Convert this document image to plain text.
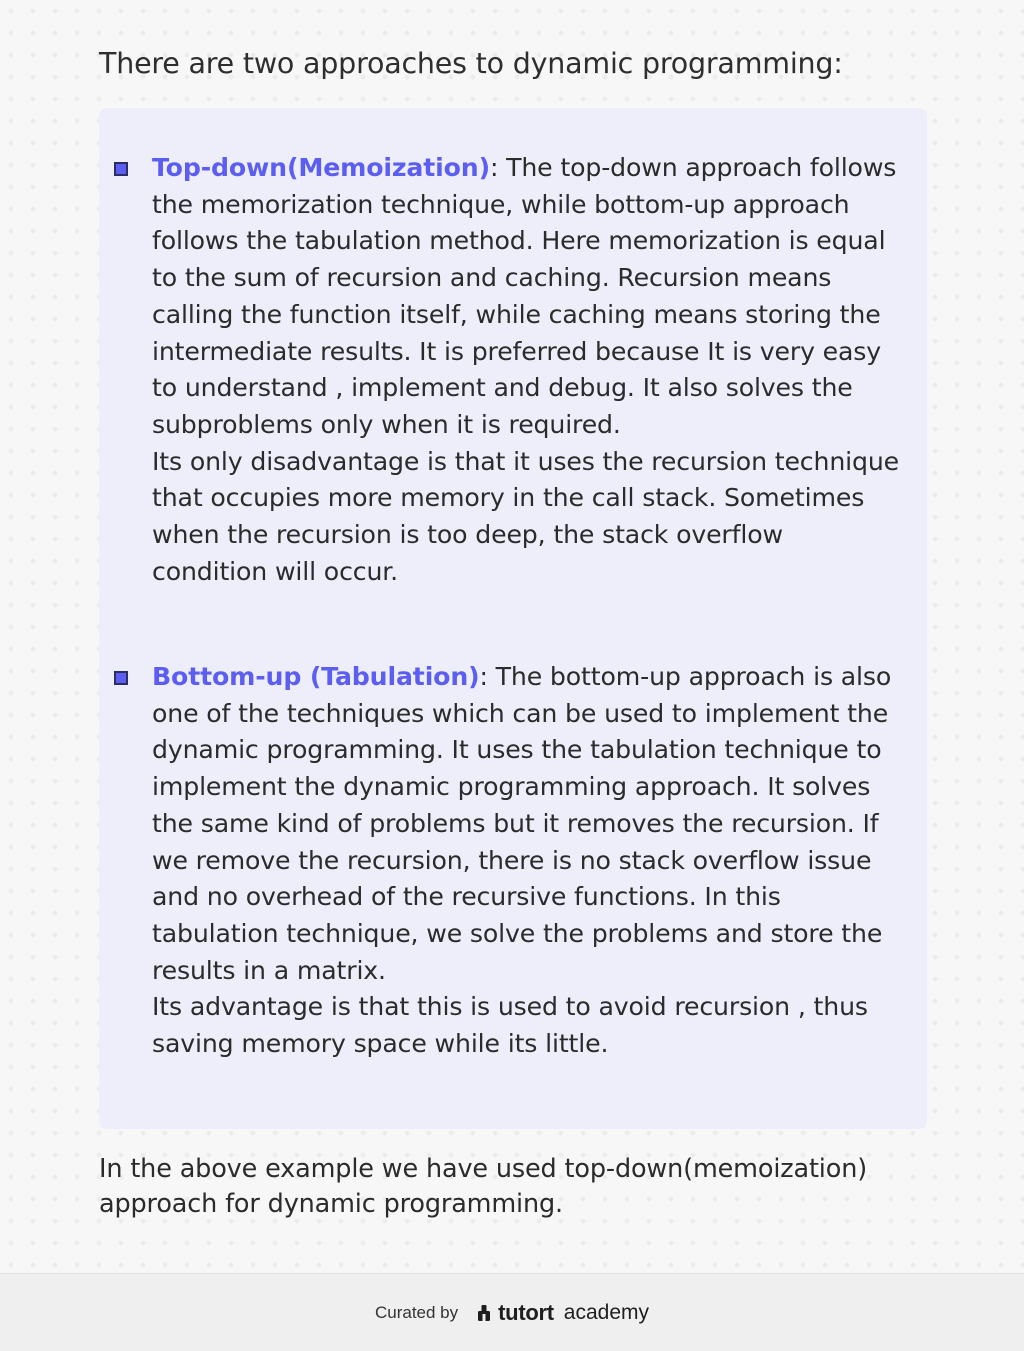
There are two approaches to dynamic programming:

Top-down(Memoization): The top-down approach follows the memorization technique, while bottom-up approach follows the tabulation method. Here memorization is equal to the sum of recursion and caching. Recursion means calling the function itself, while caching means storing the intermediate results. It is preferred because It is very easy to understand , implement and debug. It also solves the subproblems only when it is required.

Its only disadvantage is that it uses the recursion technique that occupies more memory in the call stack. Sometimes when the recursion is too deep, the stack overflow condition will occur.

Bottom-up (Tabulation): The bottom-up approach is also one of the techniques which can be used to implement the dynamic programming. It uses the tabulation technique to implement the dynamic programming approach. It solves the same kind of problems but it removes the recursion. If we remove the recursion, there is no stack overflow issue and no overhead of the recursive functions. In this tabulation technique, we solve the problems and store the results in a matrix.

Its advantage is that this is used to avoid recursion , thus saving memory space while its little.

In the above example we have used top-down(memoization) approach for dynamic programming.

Curated by tutort academy
